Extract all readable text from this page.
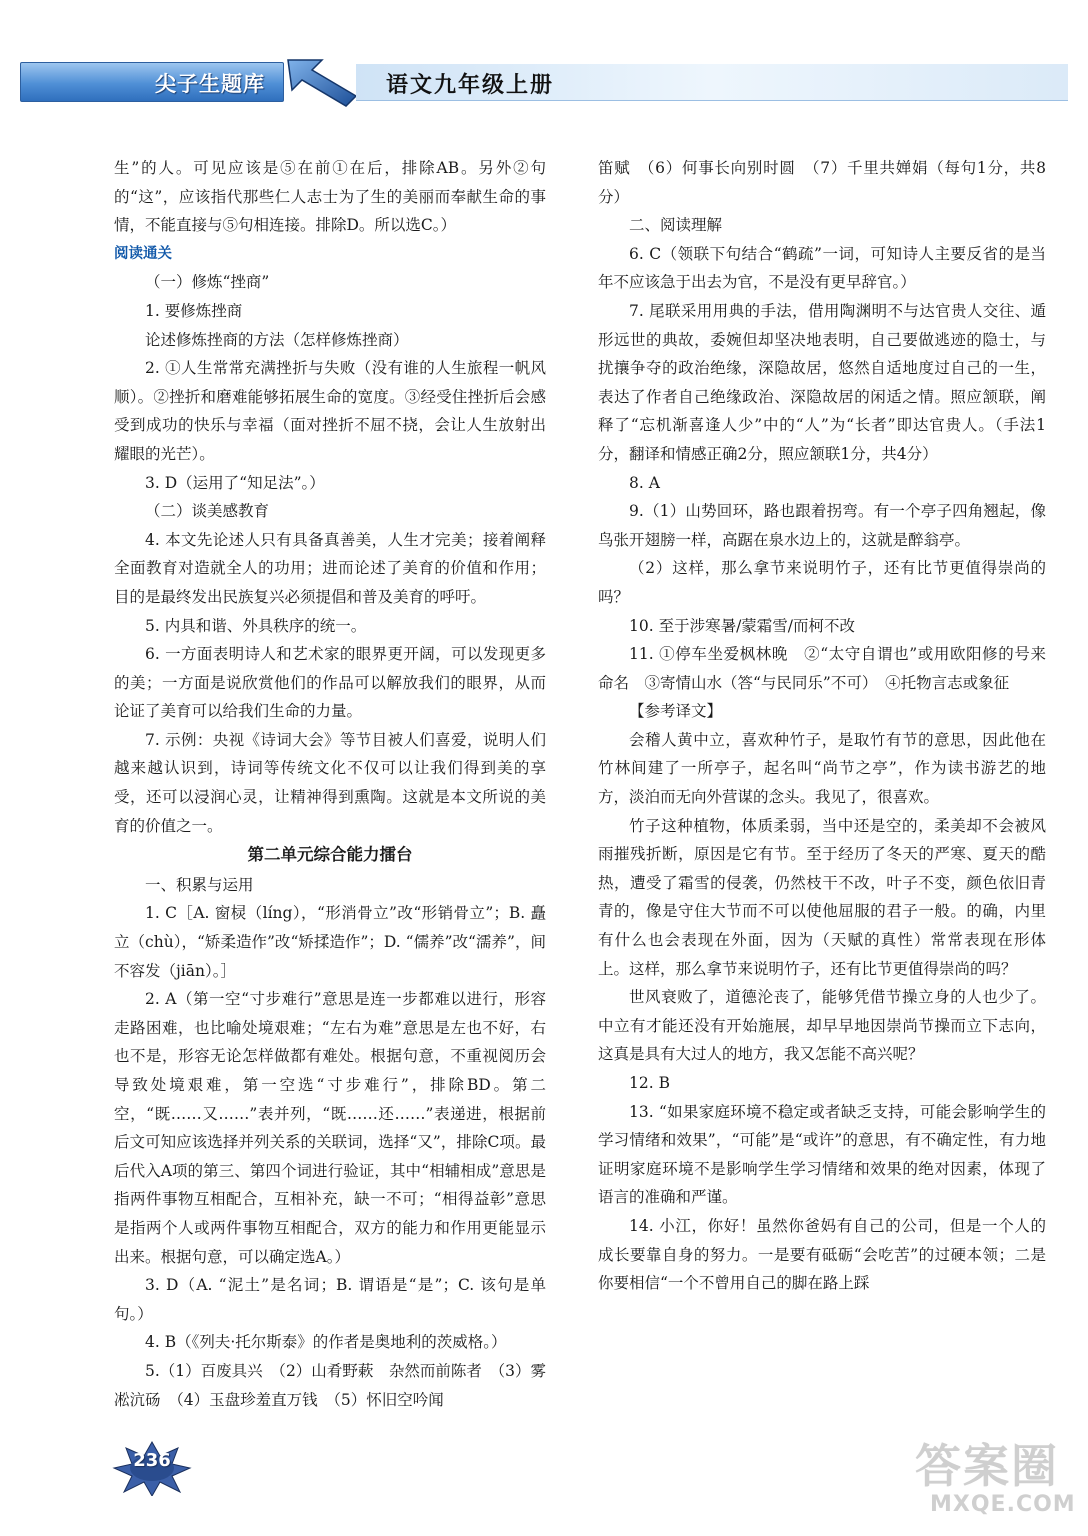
尖子生题库	语文九年级上册

生”的人。可见应该是⑤在前①在后，排除AB。另外②句的“这”，应该指代那些仁人志士为了生的美丽而奉献生命的事情，不能直接与⑤句相连接。排除D。所以选C。）

阅读通关

（一）修炼“挫商”

1. 要修炼挫商

论述修炼挫商的方法（怎样修炼挫商）

2. ①人生常常充满挫折与失败（没有谁的人生旅程一帆风顺）。②挫折和磨难能够拓展生命的宽度。③经受住挫折后会感受到成功的快乐与幸福（面对挫折不屈不挠，会让人生放射出耀眼的光芒）。

3. D（运用了“知足法”。）

（二）谈美感教育

4. 本文先论述人只有具备真善美，人生才完美；接着阐释全面教育对造就全人的功用；进而论述了美育的价值和作用；目的是最终发出民族复兴必须提倡和普及美育的呼吁。

5. 内具和谐、外具秩序的统一。

6. 一方面表明诗人和艺术家的眼界更开阔，可以发现更多的美；一方面是说欣赏他们的作品可以解放我们的眼界，从而论证了美育可以给我们生命的力量。

7. 示例：央视《诗词大会》等节目被人们喜爱，说明人们越来越认识到，诗词等传统文化不仅可以让我们得到美的享受，还可以浸润心灵，让精神得到熏陶。这就是本文所说的美育的价值之一。

第二单元综合能力擂台

一、积累与运用

1. C［A. 窗棂（líng），“形消骨立”改“形销骨立”；B. 矗立（chù），“矫柔造作”改“矫揉造作”；D. “儒养”改“濡养”，间不容发（jiān）。］

2. A（第一空“寸步难行”意思是连一步都难以进行，形容走路困难，也比喻处境艰难；“左右为难”意思是左也不好，右也不是，形容无论怎样做都有难处。根据句意，不重视阅历会导致处境艰难，第一空选“寸步难行”，排除BD。第二空，“既……又……”表并列，“既……还……”表递进，根据前后文可知应该选择并列关系的关联词，选择“又”，排除C项。最后代入A项的第三、第四个词进行验证，其中“相辅相成”意思是指两件事物互相配合，互相补充，缺一不可；“相得益彰”意思是指两个人或两件事物互相配合，双方的能力和作用更能显示出来。根据句意，可以确定选A。）

3. D（A. “泥土”是名词；B. 谓语是“是”；C. 该句是单句。）

4. B（《列夫·托尔斯泰》的作者是奥地利的茨威格。）

5.（1）百废具兴　（2）山肴野蔌　杂然而前陈者　（3）雾凇沆砀　（4）玉盘珍羞直万钱　（5）怀旧空吟闻

笛赋　（6）何事长向别时圆　（7）千里共婵娟（每句1分，共8分）

二、阅读理解

6. C（领联下句结合“鹤疏”一词，可知诗人主要反省的是当年不应该急于出去为官，不是没有更早辞官。）

7. 尾联采用用典的手法，借用陶渊明不与达官贵人交往、遁形远世的典故，委婉但却坚决地表明，自己要做逃迹的隐士，与扰攘争夺的政治绝缘，深隐故居，悠然自适地度过自己的一生，表达了作者自己绝缘政治、深隐故居的闲适之情。照应颔联，阐释了“忘机渐喜逢人少”中的“人”为“长者”即达官贵人。（手法1分，翻译和情感正确2分，照应颔联1分，共4分）

8. A

9.（1）山势回环，路也跟着拐弯。有一个亭子四角翘起，像鸟张开翅膀一样，高踞在泉水边上的，这就是醉翁亭。

（2）这样，那么拿节来说明竹子，还有比节更值得崇尚的吗？

10. 至于涉寒暑/蒙霜雪/而柯不改

11. ①停车坐爱枫林晚　②“太守自谓也”或用欧阳修的号来命名　③寄情山水（答“与民同乐”不可）　④托物言志或象征

【参考译文】

会稽人黄中立，喜欢种竹子，是取竹有节的意思，因此他在竹林间建了一所亭子，起名叫“尚节之亭”，作为读书游艺的地方，淡泊而无向外营谋的念头。我见了，很喜欢。

竹子这种植物，体质柔弱，当中还是空的，柔美却不会被风雨摧残折断，原因是它有节。至于经历了冬天的严寒、夏天的酷热，遭受了霜雪的侵袭，仍然枝干不改，叶子不变，颜色依旧青青的，像是守住大节而不可以使他屈服的君子一般。的确，内里有什么也会表现在外面，因为（天赋的真性）常常表现在形体上。这样，那么拿节来说明竹子，还有比节更值得崇尚的吗？

世风衰败了，道德沦丧了，能够凭借节操立身的人也少了。中立有才能还没有开始施展，却早早地因崇尚节操而立下志向，这真是具有大过人的地方，我又怎能不高兴呢？

12. B

13. “如果家庭环境不稳定或者缺乏支持，可能会影响学生的学习情绪和效果”，“可能”是“或许”的意思，有不确定性，有力地证明家庭环境不是影响学生学习情绪和效果的绝对因素，体现了语言的准确和严谨。

14. 小江，你好！虽然你爸妈有自己的公司，但是一个人的成长要靠自身的努力。一是要有砥砺“会吃苦”的过硬本领；二是你要相信“一个不曾用自己的脚在路上踩

236	答案圈
MXQE.COM
